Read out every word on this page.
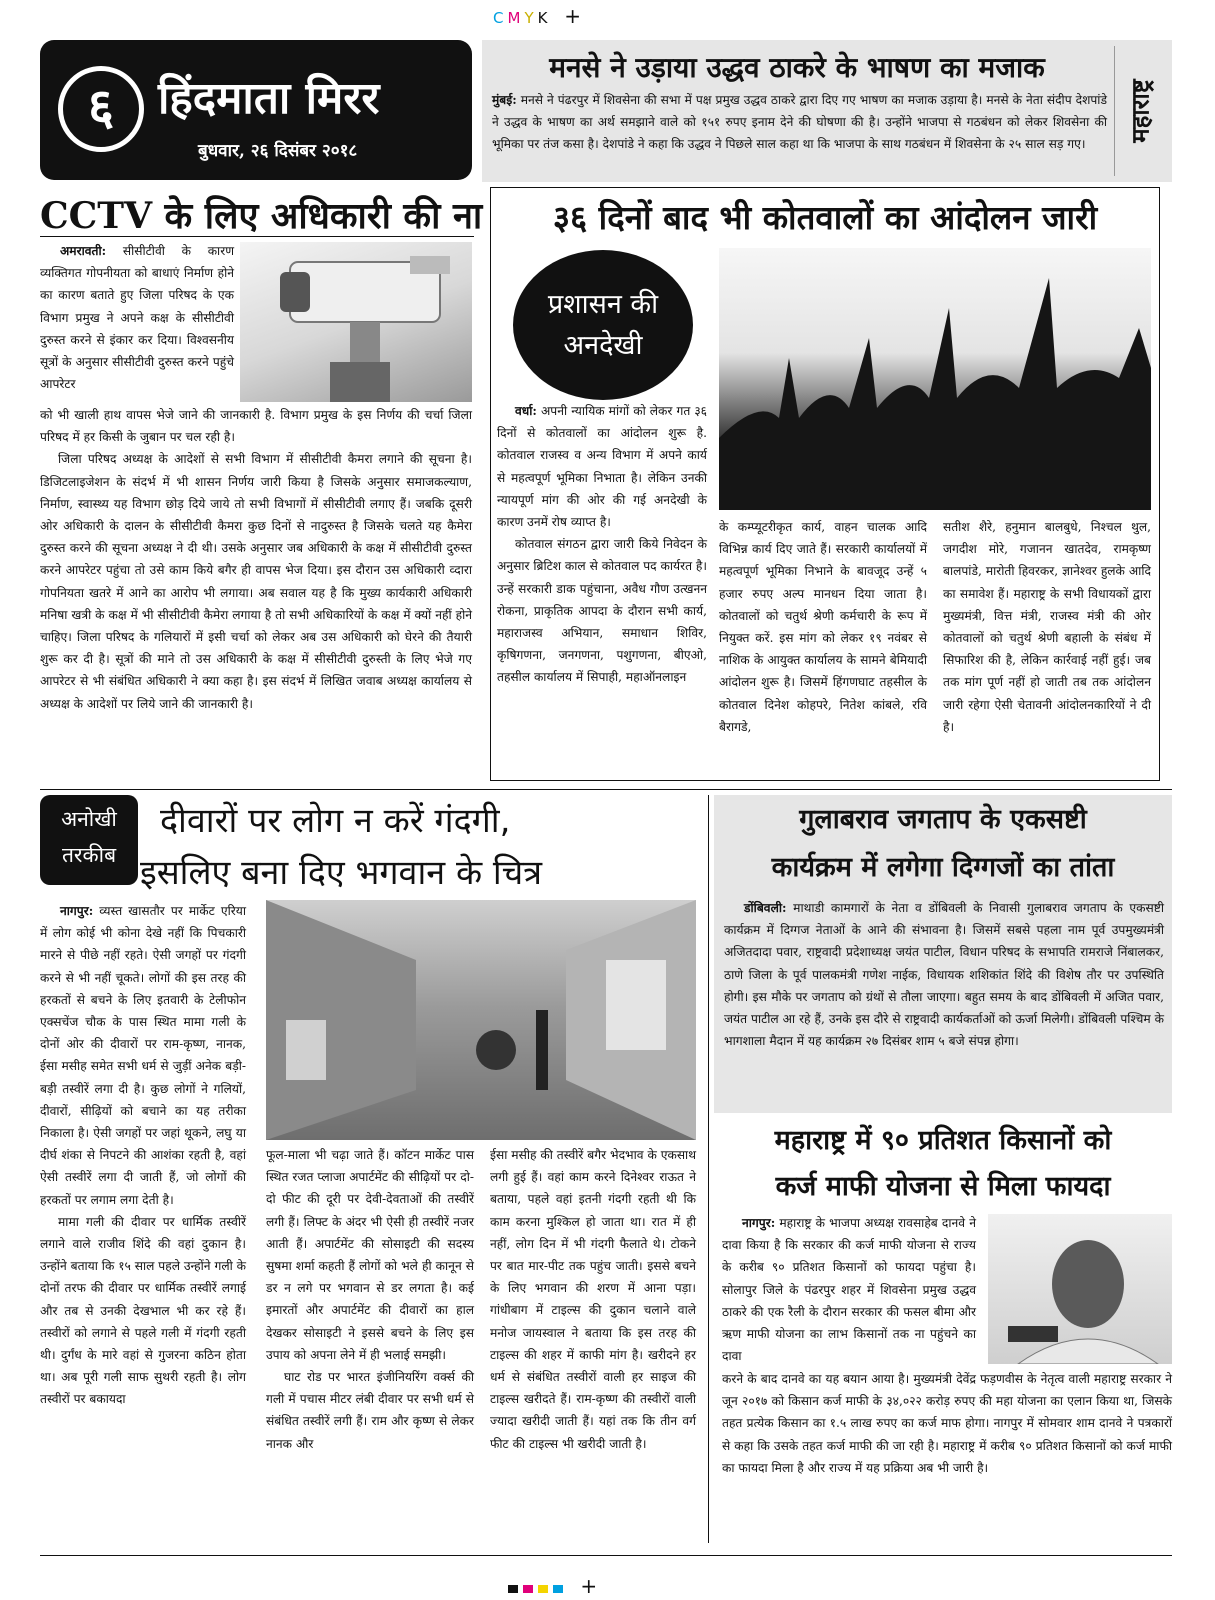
CMYK +
६	हिंदमाता मिरर
बुधवार, २६ दिसंबर २०१८
मनसे ने उड़ाया उद्धव ठाकरे के भाषण का मजाक

मुंबई: मनसे ने पंढरपुर में शिवसेना की सभा में पक्ष प्रमुख उद्धव ठाकरे द्वारा दिए गए भाषण का मजाक उड़ाया है। मनसे के नेता संदीप देशपांडे ने उद्धव के भाषण का अर्थ समझाने वाले को १५१ रुपए इनाम देने की घोषणा की है। उन्होंने भाजपा से गठबंधन को लेकर शिवसेना की भूमिका पर तंज कसा है। देशपांडे ने कहा कि उद्धव ने पिछले साल कहा था कि भाजपा के साथ गठबंधन में शिवसेना के २५ साल सड़ गए।

महाराष्ट्र
CCTV के लिए अधिकारी की ना

अमरावती: सीसीटीवी के कारण व्यक्तिगत गोपनीयता को बाधाएं निर्माण होने का कारण बताते हुए जिला परिषद के एक विभाग प्रमुख ने अपने कक्ष के सीसीटीवी दुरुस्त करने से इंकार कर दिया। विश्वसनीय सूत्रों के अनुसार सीसीटीवी दुरुस्त करने पहुंचे आपरेटर

को भी खाली हाथ वापस भेजे जाने की जानकारी है. विभाग प्रमुख के इस निर्णय की चर्चा जिला परिषद में हर किसी के जुबान पर चल रही है।

जिला परिषद अध्यक्ष के आदेशों से सभी विभाग में सीसीटीवी कैमरा लगाने की सूचना है। डिजिटलाइजेशन के संदर्भ में भी शासन निर्णय जारी किया है जिसके अनुसार समाजकल्याण, निर्माण, स्वास्थ्य यह विभाग छोड़ दिये जाये तो सभी विभागों में सीसीटीवी लगाए हैं। जबकि दूसरी ओर अधिकारी के दालन के सीसीटीवी कैमरा कुछ दिनों से नादुरुस्त है जिसके चलते यह कैमेरा दुरुस्त करने की सूचना अध्यक्ष ने दी थी। उसके अनुसार जब अधिकारी के कक्ष में सीसीटीवी दुरुस्त करने आपरेटर पहुंचा तो उसे काम किये बगैर ही वापस भेज दिया। इस दौरान उस अधिकारी व्दारा गोपनियता खतरे में आने का आरोप भी लगाया। अब सवाल यह है कि मुख्य कार्यकारी अधिकारी मनिषा खत्री के कक्ष में भी सीसीटीवी कैमेरा लगाया है तो सभी अधिकारियों के कक्ष में क्यों नहीं होने चाहिए। जिला परिषद के गलियारों में इसी चर्चा को लेकर अब उस अधिकारी को घेरने की तैयारी शुरू कर दी है। सूत्रों की माने तो उस अधिकारी के कक्ष में सीसीटीवी दुरुस्ती के लिए भेजे गए आपरेटर से भी संबंधित अधिकारी ने क्या कहा है। इस संदर्भ में लिखित जवाब अध्यक्ष कार्यालय से अध्यक्ष के आदेशों पर लिये जाने की जानकारी है।

३६ दिनों बाद भी कोतवालों का आंदोलन जारी
प्रशासन की
अनदेखी

वर्धा: अपनी न्यायिक मांगों को लेकर गत ३६ दिनों से कोतवालों का आंदोलन शुरू है. कोतवाल राजस्व व अन्य विभाग में अपने कार्य से महत्वपूर्ण भूमिका निभाता है। लेकिन उनकी न्यायपूर्ण मांग की ओर की गई अनदेखी के कारण उनमें रोष व्याप्त है।

कोतवाल संगठन द्वारा जारी किये निवेदन के अनुसार ब्रिटिश काल से कोतवाल पद कार्यरत है। उन्हें सरकारी डाक पहुंचाना, अवैध गौण उत्खनन रोकना, प्राकृतिक आपदा के दौरान सभी कार्य, महाराजस्व अभियान, समाधान शिविर, कृषिगणना, जनगणना, पशुगणना, बीएओ, तहसील कार्यालय में सिपाही, महाऑनलाइन

के कम्प्यूटरीकृत कार्य, वाहन चालक आदि विभिन्न कार्य दिए जाते हैं। सरकारी कार्यालयों में महत्वपूर्ण भूमिका निभाने के बावजूद उन्हें ५ हजार रुपए अल्प मानधन दिया जाता है। कोतवालों को चतुर्थ श्रेणी कर्मचारी के रूप में नियुक्त करें. इस मांग को लेकर १९ नवंबर से नाशिक के आयुक्त कार्यालय के सामने बेमियादी आंदोलन शुरू है। जिसमें हिंगणघाट तहसील के कोतवाल दिनेश कोहपरे, नितेश कांबले, रवि बैरागडे,

सतीश शैरे, हनुमान बालबुधे, निश्चल थुल, जगदीश मोरे, गजानन खातदेव, रामकृष्ण बालपांडे, मारोती हिवरकर, ज्ञानेश्वर हुलके आदि का समावेश हैं। महाराष्ट्र के सभी विधायकों द्वारा मुख्यमंत्री, वित्त मंत्री, राजस्व मंत्री की ओर कोतवालों को चतुर्थ श्रेणी बहाली के संबंध में सिफारिश की है, लेकिन कार्रवाई नहीं हुई। जब तक मांग पूर्ण नहीं हो जाती तब तक आंदोलन जारी रहेगा ऐसी चेतावनी आंदोलनकारियों ने दी है।

अनोखी
तरकीब
दीवारों पर लोग न करें गंदगी,
इसलिए बना दिए भगवान के चित्र

नागपुर: व्यस्त खासतौर पर मार्केट एरिया में लोग कोई भी कोना देखे नहीं कि पिचकारी मारने से पीछे नहीं रहते। ऐसी जगहों पर गंदगी करने से भी नहीं चूकते। लोगों की इस तरह की हरकतों से बचने के लिए इतवारी के टेलीफोन एक्सचेंज चौक के पास स्थित मामा गली के दोनों ओर की दीवारों पर राम-कृष्ण, नानक, ईसा मसीह समेत सभी धर्म से जुड़ीं अनेक बड़ी-बड़ी तस्वीरें लगा दी है। कुछ लोगों ने गलियों, दीवारों, सीढ़ियों को बचाने का यह तरीका निकाला है। ऐसी जगहों पर जहां थूकने, लघु या दीर्घ शंका से निपटने की आशंका रहती है, वहां ऐसी तस्वीरें लगा दी जाती हैं, जो लोगों की हरकतों पर लगाम लगा देती है।

मामा गली की दीवार पर धार्मिक तस्वीरें लगाने वाले राजीव शिंदे की वहां दुकान है। उन्होंने बताया कि १५ साल पहले उन्होंने गली के दोनों तरफ की दीवार पर धार्मिक तस्वीरें लगाई और तब से उनकी देखभाल भी कर रहे हैं। तस्वीरों को लगाने से पहले गली में गंदगी रहती थी। दुर्गंध के मारे वहां से गुजरना कठिन होता था। अब पूरी गली साफ सुथरी रहती है। लोग तस्वीरों पर बकायदा

फूल-माला भी चढ़ा जाते हैं। कॉटन मार्केट पास स्थित रजत प्लाजा अपार्टमेंट की सीढ़ियों पर दो-दो फीट की दूरी पर देवी-देवताओं की तस्वीरें लगी हैं। लिफ्ट के अंदर भी ऐसी ही तस्वीरें नजर आती हैं। अपार्टमेंट की सोसाइटी की सदस्य सुषमा शर्मा कहती हैं लोगों को भले ही कानून से डर न लगे पर भगवान से डर लगता है। कई इमारतों और अपार्टमेंट की दीवारों का हाल देखकर सोसाइटी ने इससे बचने के लिए इस उपाय को अपना लेने में ही भलाई समझी।

घाट रोड पर भारत इंजीनियरिंग वर्क्स की गली में पचास मीटर लंबी दीवार पर सभी धर्म से संबंधित तस्वीरें लगी हैं। राम और कृष्ण से लेकर नानक और

ईसा मसीह की तस्वीरें बगैर भेदभाव के एकसाथ लगी हुई हैं। वहां काम करने दिनेश्वर राऊत ने बताया, पहले वहां इतनी गंदगी रहती थी कि काम करना मुश्किल हो जाता था। रात में ही नहीं, लोग दिन में भी गंदगी फैलाते थे। टोकने पर बात मार-पीट तक पहुंच जाती। इससे बचने के लिए भगवान की शरण में आना पड़ा। गांधीबाग में टाइल्स की दुकान चलाने वाले मनोज जायस्वाल ने बताया कि इस तरह की टाइल्स की शहर में काफी मांग है। खरीदने हर धर्म से संबंधित तस्वीरों वाली हर साइज की टाइल्स खरीदते हैं। राम-कृष्ण की तस्वीरों वाली ज्यादा खरीदी जाती हैं। यहां तक कि तीन वर्ग फीट की टाइल्स भी खरीदी जाती है।

गुलाबराव जगताप के एकसष्टी
कार्यक्रम में लगेगा दिग्गजों का तांता

डोंबिवली: माथाडी कामगारों के नेता व डोंबिवली के निवासी गुलाबराव जगताप के एकसष्टी कार्यक्रम में दिग्गज नेताओं के आने की संभावना है। जिसमें सबसे पहला नाम पूर्व उपमुख्यमंत्री अजितदादा पवार, राष्ट्रवादी प्रदेशाध्यक्ष जयंत पाटील, विधान परिषद के सभापति रामराजे निंबालकर, ठाणे जिला के पूर्व पालकमंत्री गणेश नाईक, विधायक शशिकांत शिंदे की विशेष तौर पर उपस्थिति होगी। इस मौके पर जगताप को ग्रंथों से तौला जाएगा। बहुत समय के बाद डोंबिवली में अजित पवार, जयंत पाटील आ रहे हैं, उनके इस दौरे से राष्ट्रवादी कार्यकर्ताओं को ऊर्जा मिलेगी। डोंबिवली पश्चिम के भागशाला मैदान में यह कार्यक्रम २७ दिसंबर शाम ५ बजे संपन्न होगा।

महाराष्ट्र में ९० प्रतिशत किसानों को
कर्ज माफी योजना से मिला फायदा

नागपुर: महाराष्ट्र के भाजपा अध्यक्ष रावसाहेब दानवे ने दावा किया है कि सरकार की कर्ज माफी योजना से राज्य के करीब ९० प्रतिशत किसानों को फायदा पहुंचा है। सोलापुर जिले के पंढरपुर शहर में शिवसेना प्रमुख उद्धव ठाकरे की एक रैली के दौरान सरकार की फसल बीमा और ऋण माफी योजना का लाभ किसानों तक ना पहुंचने का दावा

करने के बाद दानवे का यह बयान आया है। मुख्यमंत्री देवेंद्र फड़णवीस के नेतृत्व वाली महाराष्ट्र सरकार ने जून २०१७ को किसान कर्ज माफी के ३४,०२२ करोड़ रुपए की महा योजना का एलान किया था, जिसके तहत प्रत्येक किसान का १.५ लाख रुपए का कर्ज माफ होगा। नागपुर में सोमवार शाम दानवे ने पत्रकारों से कहा कि उसके तहत कर्ज माफी की जा रही है। महाराष्ट्र में करीब ९० प्रतिशत किसानों को कर्ज माफी का फायदा मिला है और राज्य में यह प्रक्रिया अब भी जारी है।

+
